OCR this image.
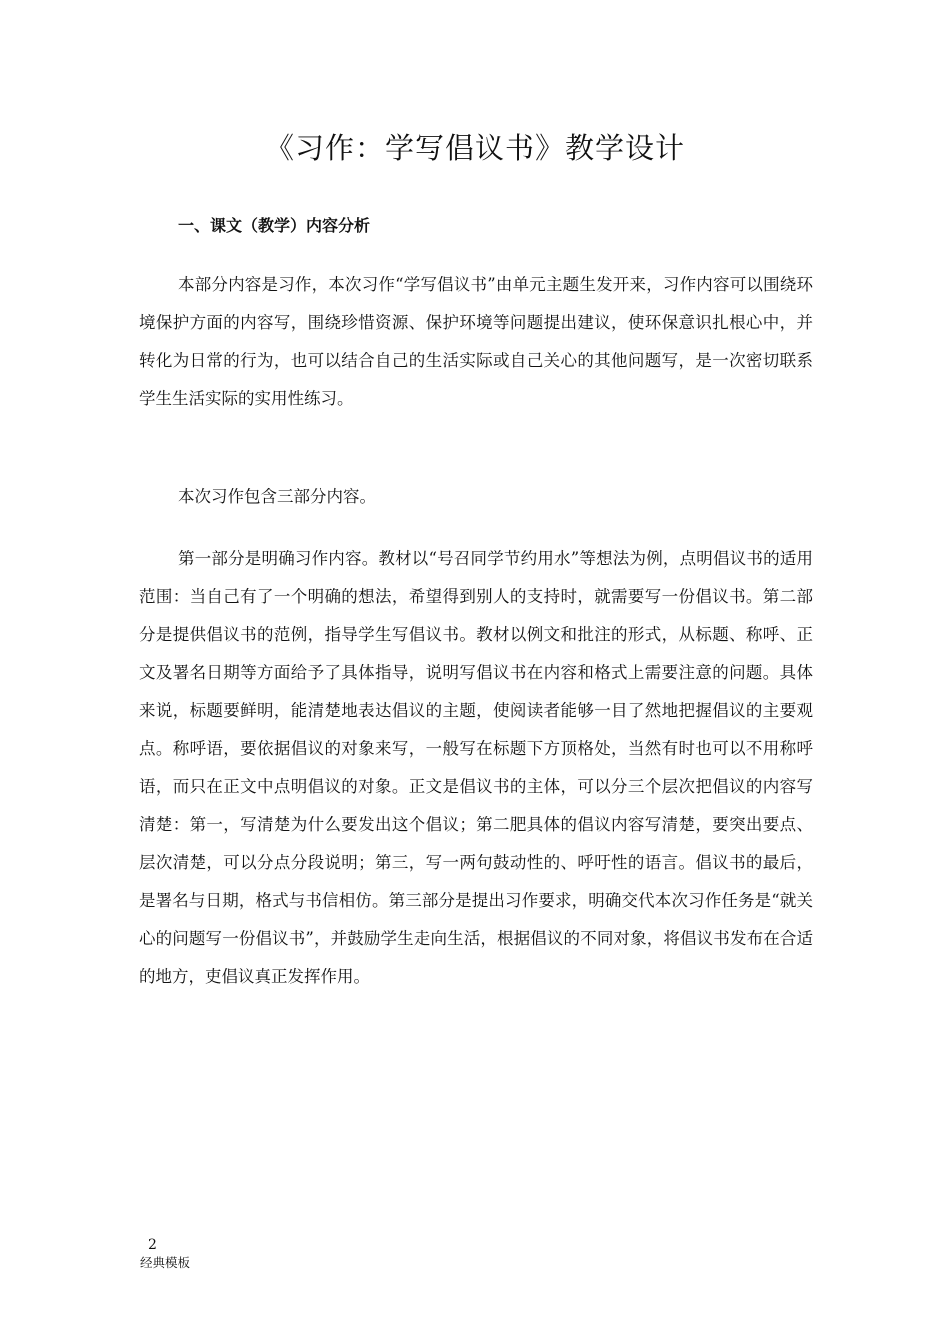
《习作：学写倡议书》教学设计
一、课文（教学）内容分析

本部分内容是习作，本次习作“学写倡议书”由单元主题生发开来，习作内容可以围绕环境保护方面的内容写，围绕珍惜资源、保护环境等问题提出建议，使环保意识扎根心中，并转化为日常的行为，也可以结合自己的生活实际或自己关心的其他问题写，是一次密切联系学生生活实际的实用性练习。

本次习作包含三部分内容。

第一部分是明确习作内容。教材以“号召同学节约用水”等想法为例，点明倡议书的适用范围：当自己有了一个明确的想法，希望得到别人的支持时，就需要写一份倡议书。第二部分是提供倡议书的范例，指导学生写倡议书。教材以例文和批注的形式，从标题、称呼、正文及署名日期等方面给予了具体指导，说明写倡议书在内容和格式上需要注意的问题。具体来说，标题要鲜明，能清楚地表达倡议的主题，使阅读者能够一目了然地把握倡议的主要观点。称呼语，要依据倡议的对象来写，一般写在标题下方顶格处，当然有时也可以不用称呼语，而只在正文中点明倡议的对象。正文是倡议书的主体，可以分三个层次把倡议的内容写清楚：第一，写清楚为什么要发出这个倡议；第二肥具体的倡议内容写清楚，要突出要点、层次清楚，可以分点分段说明；第三，写一两句鼓动性的、呼吁性的语言。倡议书的最后，是署名与日期，格式与书信相仿。第三部分是提出习作要求，明确交代本次习作任务是“就关心的问题写一份倡议书”，并鼓励学生走向生活，根据倡议的不同对象，将倡议书发布在合适的地方，吏倡议真正发挥作用。

2
经典模板
